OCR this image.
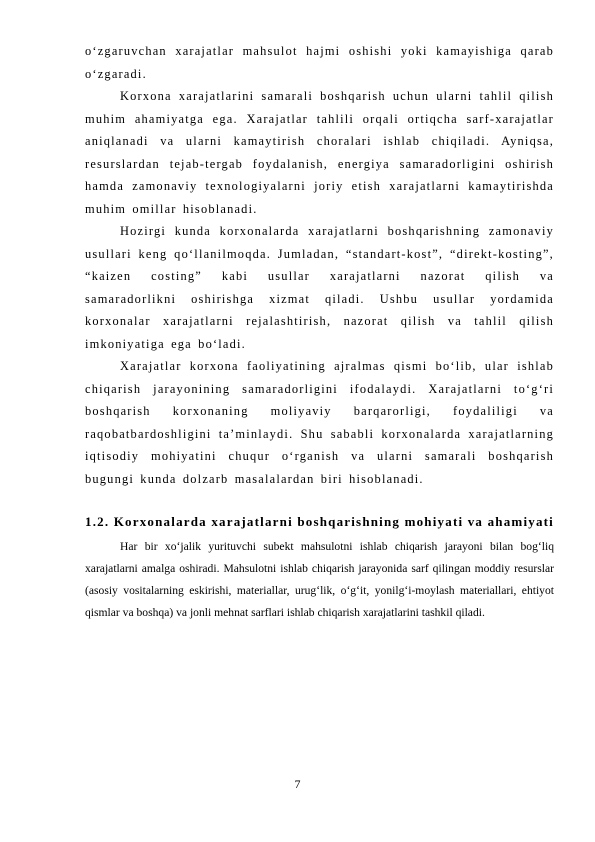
o‘zgaruvchan xarajatlar mahsulot hajmi oshishi yoki kamayishiga qarab o‘zgaradi.

Korxona xarajatlarini samarali boshqarish uchun ularni tahlil qilish muhim ahamiyatga ega. Xarajatlar tahlili orqali ortiqcha sarf-xarajatlar aniqlanadi va ularni kamaytirish choralari ishlab chiqiladi. Ayniqsa, resurslardan tejab-tergab foydalanish, energiya samaradorligini oshirish hamda zamonaviy texnologiyalarni joriy etish xarajatlarni kamaytirishda muhim omillar hisoblanadi.

Hozirgi kunda korxonalarda xarajatlarni boshqarishning zamonaviy usullari keng qo‘llanilmoqda. Jumladan, “standart-kost”, “direkt-kosting”, “kaizen costing” kabi usullar xarajatlarni nazorat qilish va samaradorlikni oshirishga xizmat qiladi. Ushbu usullar yordamida korxonalar xarajatlarni rejalashtirish, nazorat qilish va tahlil qilish imkoniyatiga ega bo‘ladi.

Xarajatlar korxona faoliyatining ajralmas qismi bo‘lib, ular ishlab chiqarish jarayonining samaradorligini ifodalaydi. Xarajatlarni to‘g‘ri boshqarish korxonaning moliyaviy barqarorligi, foydaliligi va raqobatbardoshligini ta’minlaydi. Shu sababli korxonalarda xarajatlarning iqtisodiy mohiyatini chuqur o‘rganish va ularni samarali boshqarish bugungi kunda dolzarb masalalardan biri hisoblanadi.

1.2. Korxonalarda xarajatlarni boshqarishning mohiyati va ahamiyati

Har bir xo‘jalik yurituvchi subekt mahsulotni ishlab chiqarish jarayoni bilan bog‘liq xarajatlarni amalga oshiradi. Mahsulotni ishlab chiqarish jarayonida sarf qilingan moddiy resurslar (asosiy vositalarning eskirishi, materiallar, urug‘lik, o‘g‘it, yonilg‘i-moylash materiallari, ehtiyot qismlar va boshqa) va jonli mehnat sarflari ishlab chiqarish xarajatlarini tashkil qiladi.

7
